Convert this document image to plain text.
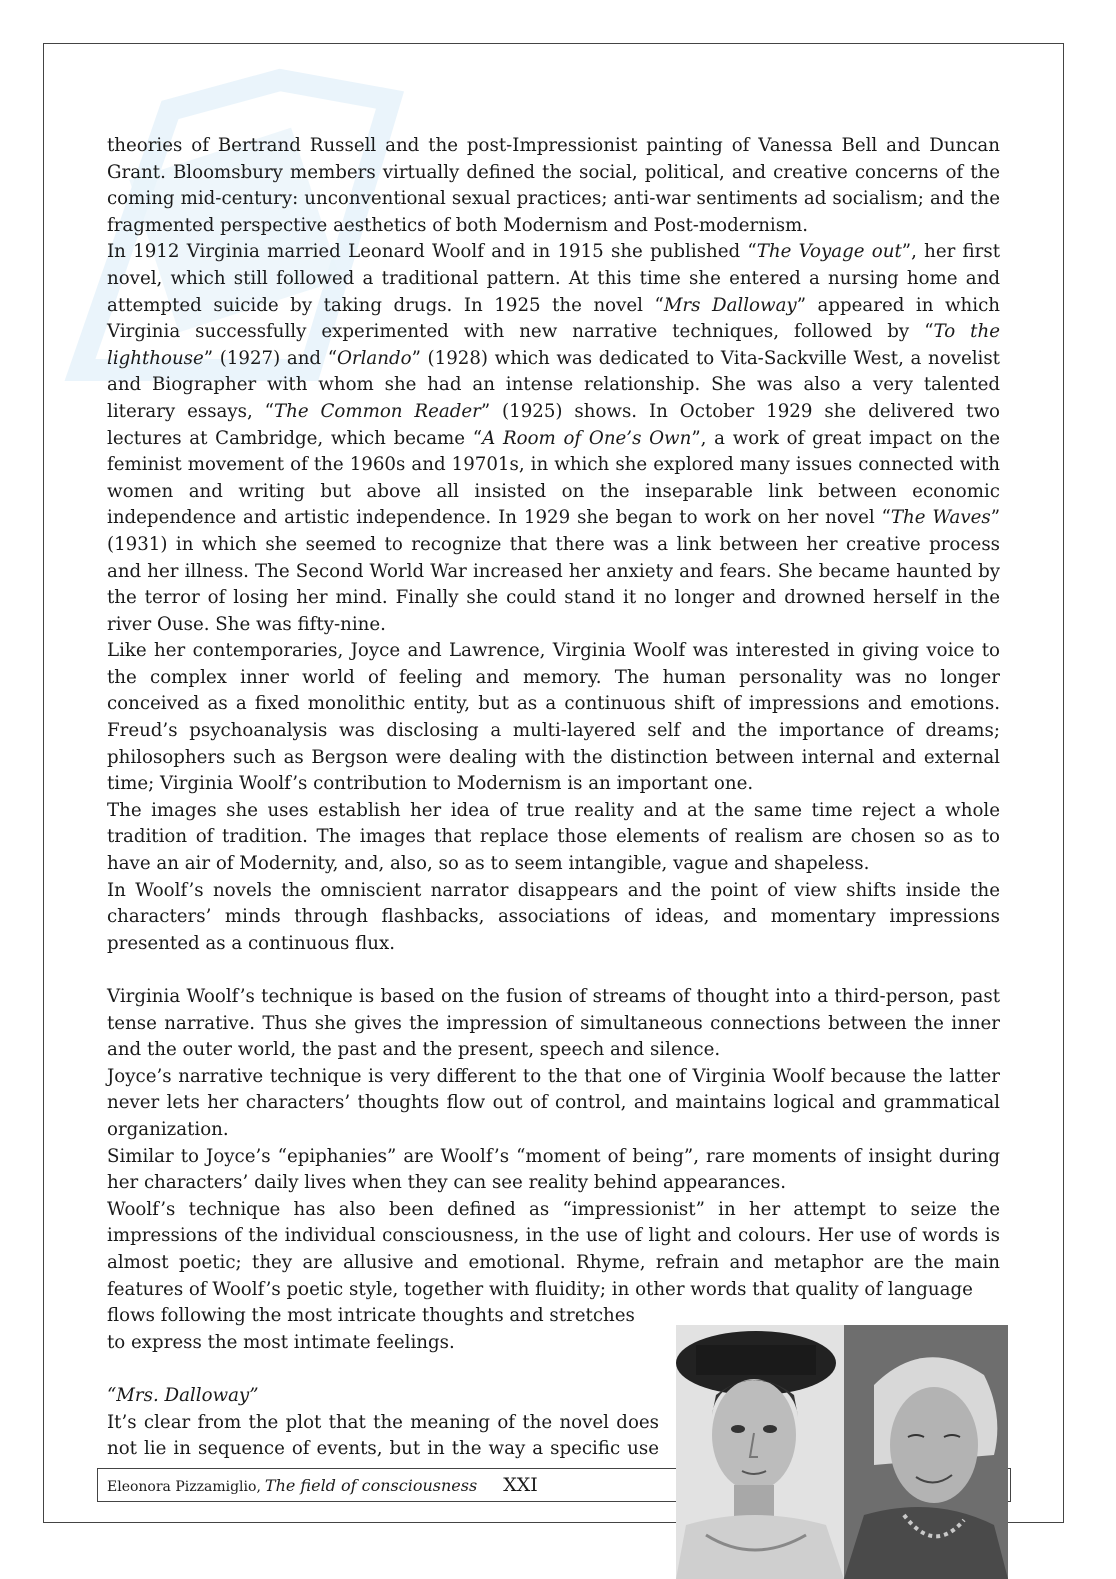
theories of Bertrand Russell and the post-Impressionist painting of Vanessa Bell and Duncan Grant. Bloomsbury members virtually defined the social, political, and creative concerns of the coming mid-century: unconventional sexual practices; anti-war sentiments ad socialism; and the fragmented perspective aesthetics of both Modernism and Post-modernism.

In 1912 Virginia married Leonard Woolf and in 1915 she published “The Voyage out”, her first novel, which still followed a traditional pattern. At this time she entered a nursing home and attempted suicide by taking drugs. In 1925 the novel “Mrs Dalloway” appeared in which Virginia successfully experimented with new narrative techniques, followed by “To the lighthouse” (1927) and “Orlando” (1928) which was dedicated to Vita-Sackville West, a novelist and Biographer with whom she had an intense relationship. She was also a very talented literary essays, “The Common Reader” (1925) shows. In October 1929 she delivered two lectures at Cambridge, which became “A Room of One’s Own”, a work of great impact on the feminist movement of the 1960s and 19701s, in which she explored many issues connected with women and writing but above all insisted on the inseparable link between economic independence and artistic independence. In 1929 she began to work on her novel “The Waves” (1931) in which she seemed to recognize that there was a link between her creative process and her illness. The Second World War increased her anxiety and fears. She became haunted by the terror of losing her mind. Finally she could stand it no longer and drowned herself in the river Ouse. She was fifty-nine.

Like her contemporaries, Joyce and Lawrence, Virginia Woolf was interested in giving voice to the complex inner world of feeling and memory. The human personality was no longer conceived as a fixed monolithic entity, but as a continuous shift of impressions and emotions. Freud’s psychoanalysis was disclosing a multi-layered self and the importance of dreams; philosophers such as Bergson were dealing with the distinction between internal and external time; Virginia Woolf’s contribution to Modernism is an important one.

The images she uses establish her idea of true reality and at the same time reject a whole tradition of tradition. The images that replace those elements of realism are chosen so as to have an air of Modernity, and, also, so as to seem intangible, vague and shapeless.

In Woolf’s novels the omniscient narrator disappears and the point of view shifts inside the characters’ minds through flashbacks, associations of ideas, and momentary impressions presented as a continuous flux.

Virginia Woolf’s technique is based on the fusion of streams of thought into a third-person, past tense narrative. Thus she gives the impression of simultaneous connections between the inner and the outer world, the past and the present, speech and silence.

Joyce’s narrative technique is very different to the that one of Virginia Woolf because the latter never lets her characters’ thoughts flow out of control, and maintains logical and grammatical organization.

Similar to Joyce’s “epiphanies” are Woolf’s “moment of being”, rare moments of insight during her characters’ daily lives when they can see reality behind appearances.

Woolf’s technique has also been defined as “impressionist” in her attempt to seize the impressions of the individual consciousness, in the use of light and colours. Her use of words is almost poetic; they are allusive and emotional. Rhyme, refrain and metaphor are the main features of Woolf’s poetic style, together with fluidity; in other words that quality of language

flows following the most intricate thoughts and stretches

to express the most intimate feelings.

“Mrs. Dalloway”

It’s clear from the plot that the meaning of the novel does

not lie in sequence of events, but in the way a specific use

Eleonora Pizzamiglio, The field of consciousness XXI
